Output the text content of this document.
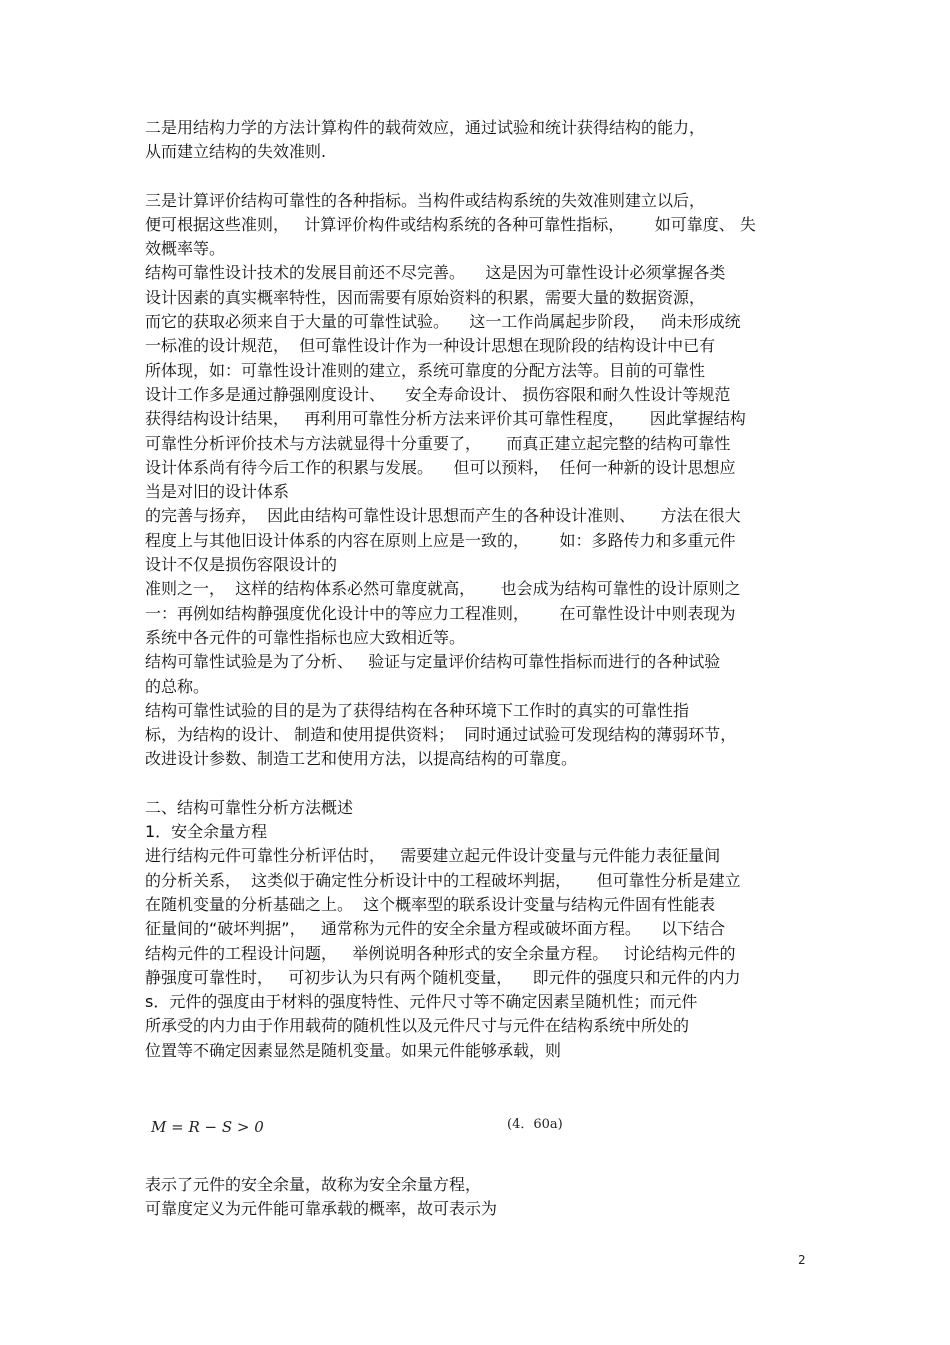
二是用结构力学的方法计算构件的载荷效应，通过试验和统计获得结构的能力，
从而建立结构的失效准则.
三是计算评价结构可靠性的各种指标。当构件或结构系统的失效准则建立以后，
便可根据这些准则，   计算评价构件或结构系统的各种可靠性指标，      如可靠度、 失
效概率等。
结构可靠性设计技术的发展目前还不尽完善。    这是因为可靠性设计必须掌握各类
设计因素的真实概率特性，因而需要有原始资料的积累，需要大量的数据资源，
而它的获取必须来自于大量的可靠性试验。    这一工作尚属起步阶段，   尚未形成统
一标准的设计规范，  但可靠性设计作为一种设计思想在现阶段的结构设计中已有
所体现，如：可靠性设计准则的建立，系统可靠度的分配方法等。目前的可靠性
设计工作多是通过静强刚度设计、    安全寿命设计、 损伤容限和耐久性设计等规范
获得结构设计结果，   再利用可靠性分析方法来评价其可靠性程度，     因此掌握结构
可靠性分析评价技术与方法就显得十分重要了，     而真正建立起完整的结构可靠性
设计体系尚有待今后工作的积累与发展。    但可以预料，  任何一种新的设计思想应
当是对旧的设计体系
的完善与扬弃，  因此由结构可靠性设计思想而产生的各种设计准则、     方法在很大
程度上与其他旧设计体系的内容在原则上应是一致的，      如：多路传力和多重元件
设计不仅是损伤容限设计的
准则之一，  这样的结构体系必然可靠度就高，     也会成为结构可靠性的设计原则之
一：再例如结构静强度优化设计中的等应力工程准则，      在可靠性设计中则表现为
系统中各元件的可靠性指标也应大致相近等。
结构可靠性试验是为了分析、   验证与定量评价结构可靠性指标而进行的各种试验
的总称。
结构可靠性试验的目的是为了获得结构在各种环境下工作时的真实的可靠性指
标，为结构的设计、 制造和使用提供资料；  同时通过试验可发现结构的薄弱环节，
改进设计参数、制造工艺和使用方法，以提高结构的可靠度。
二、结构可靠性分析方法概述
1．安全余量方程
进行结构元件可靠性分析评估时，   需要建立起元件设计变量与元件能力表征量间
的分析关系，  这类似于确定性分析设计中的工程破坏判据，     但可靠性分析是建立
在随机变量的分析基础之上。  这个概率型的联系设计变量与结构元件固有性能表
征量间的“破坏判据”，   通常称为元件的安全余量方程或破坏面方程。    以下结合
结构元件的工程设计问题，   举例说明各种形式的安全余量方程。   讨论结构元件的
静强度可靠性时，   可初步认为只有两个随机变量，    即元件的强度只和元件的内力
s．元件的强度由于材料的强度特性、元件尺寸等不确定因素呈随机性；而元件
所承受的内力由于作用载荷的随机性以及元件尺寸与元件在结构系统中所处的
位置等不确定因素显然是随机变量。如果元件能够承载，则
M = R − S > 0	(4．60a)
表示了元件的安全余量，故称为安全余量方程，
可靠度定义为元件能可靠承载的概率，故可表示为
2
